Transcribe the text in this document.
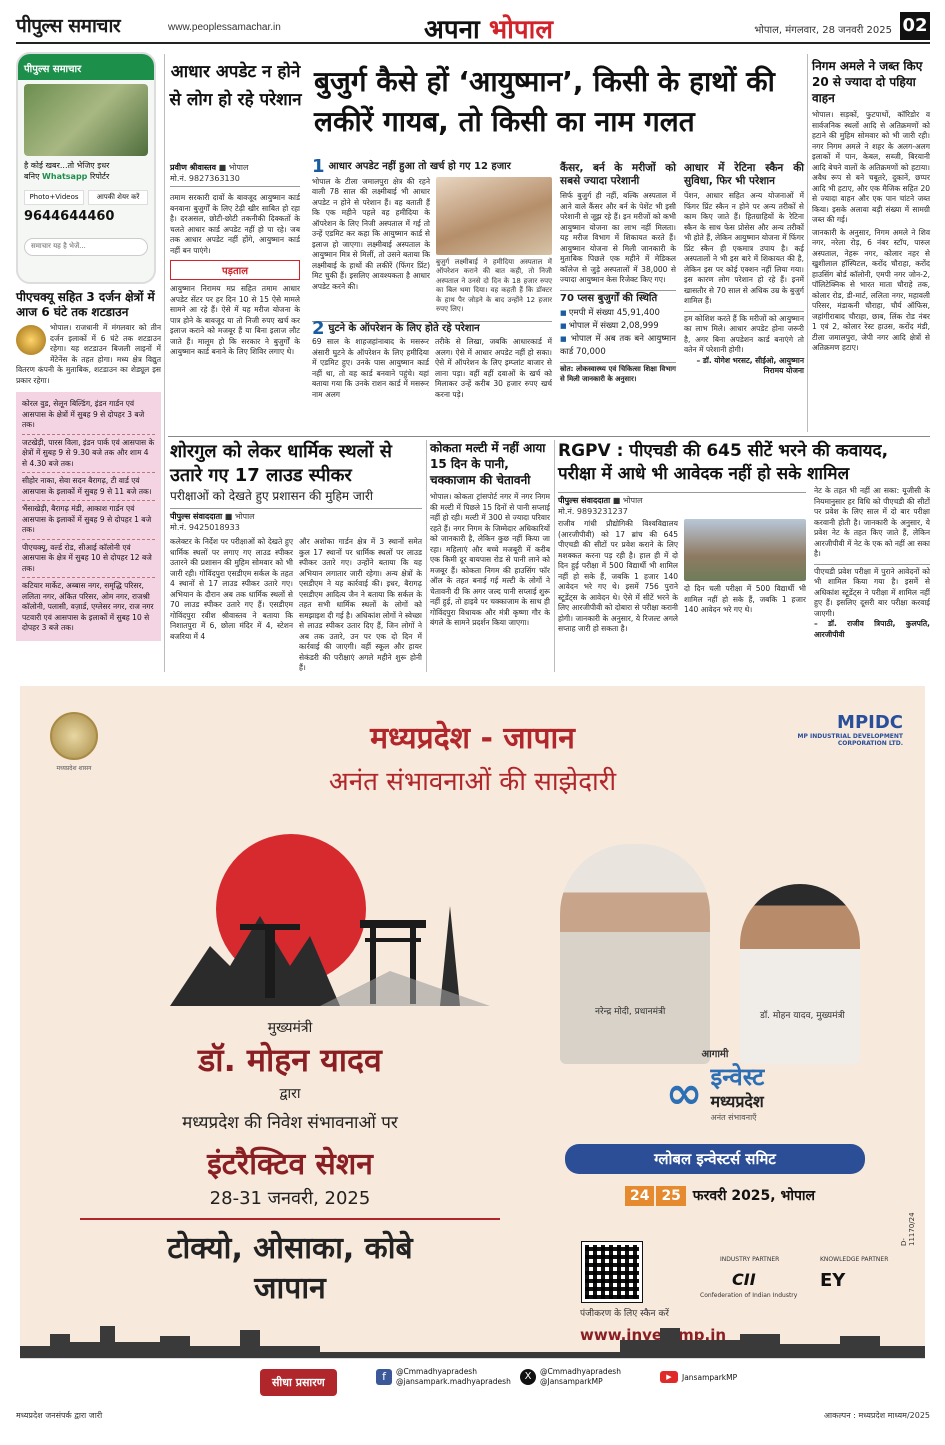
पीपुल्स समाचार	www.peoplessamachar.in	अपना भोपाल	भोपाल, मंगलवार, 28 जनवरी 2025 02
पीपुल्स समाचार
है कोई खबर...तो भेजिए इधर
बनिए Whatsapp रिपोर्टर
Photo+Videos	आपकी शेयर करें
9644644460
समाचार यह है भेजें...
पीएचक्यू सहित 3 दर्जन क्षेत्रों में आज 6 घंटे तक शटडाउन
भोपाल। राजधानी में मंगलवार को तीन दर्जन इलाकों में 6 घंटे तक शटडाउन रहेगा। यह शटडाउन बिजली लाइनों में मेंटेनेंस के तहत होगा। मध्य क्षेत्र विद्युत वितरण कंपनी के मुताबिक, शटडाउन का शेड्यूल इस प्रकार रहेगा।

कोरल वुड, सेलून बिल्डिंग, इंडन गार्डन एवं आसपास के क्षेत्रों में सुबह 9 से दोपहर 3 बजे तक।

जटखेड़ी, पारस विला, इंडन पार्क एवं आसपास के क्षेत्रों में सुबह 9 से 9.30 बजे तक और शाम 4 से 4.30 बजे तक।

सीहोर नाका, सेवा सदन बैरागढ़, टी वार्ड एवं आसपास के इलाकों में सुबह 9 से 11 बजे तक।

भैंसाखेड़ी, बैरागढ़ मंडी, आकाश गार्डन एवं आसपास के इलाकों में सुबह 9 से दोपहर 1 बजे तक।

पीएचक्यू, वर्ल्ड रोड, सीआई कॉलोनी एवं आसपास के क्षेत्र में सुबह 10 से दोपहर 12 बजे तक।

कटियार मार्केट, अब्बास नगर, समृद्धि परिसर, ललिता नगर, अंकित परिसर, ओम नगर, राजश्री कॉलोनी, पलासी, वज़ार्ड, एग्लेसर नगर, राज नगर पटवारी एवं आसपास के इलाकों में सुबह 10 से दोपहर 3 बजे तक।

आधार अपडेट न होने से लोग हो रहे परेशान
बुजुर्ग कैसे हों ‘आयुष्मान’, किसी के हाथों की लकीरें गायब, तो किसी का नाम गलत
प्रवीण श्रीवास्तव ■ भोपाल
मो.नं. 9827363130
तमाम सरकारी दावों के बावजूद आयुष्मान कार्ड बनवाना बुजुर्गों के लिए टेढ़ी खीर साबित हो रहा है। दरअसल, छोटी-छोटी तकनीकी दिक्कतों के चलते आधार कार्ड अपडेट नहीं हो पा रहे। जब तक आधार अपडेट नहीं होंगे, आयुष्मान कार्ड नहीं बन पाएंगे।
पड़ताल
आयुष्मान निरामय मप्र सहित तमाम आधार अपडेट सेंटर पर हर दिन 10 से 15 ऐसे मामले सामने आ रहे हैं। ऐसे में यह मरीज योजना के पात्र होने के बावजूद या तो निजी रुपए खर्च कर इलाज कराने को मजबूर हैं या बिना इलाज लौट जाते हैं। मालूम हो कि सरकार ने बुजुर्गों के आयुष्मान कार्ड बनाने के लिए शिविर लगाए थे।
1 आधार अपडेट नहीं हुआ तो खर्च हो गए 12 हजार
भोपाल के टीला जमालपुरा क्षेत्र की रहने वाली 78 साल की लक्ष्मीबाई भी आधार अपडेट न होने से परेशान हैं। वह बताती हैं कि एक महीने पहले वह हमीदिया के ऑपरेशन के लिए निजी अस्पताल में गई तो उन्हें एडमिट कर कहा कि आयुष्मान कार्ड से इलाज हो जाएगा। लक्ष्मीबाई अस्पताल के आयुष्मान मित्र से मिलीं, तो उसने बताया कि लक्ष्मीबाई के हाथों की लकीरें (फिंगर प्रिंट) मिट चुकी हैं। इसलिए आवश्यकता है आधार अपडेट करने की।
बुजुर्ग लक्ष्मीबाई ने हमीदिया अस्पताल में ऑपरेशन कराने की बात कही, तो निजी अस्पताल ने उनसे दो दिन के 18 हजार रुपए का बिल थमा दिया। वह कहती हैं कि डॉक्टर के हाथ पैर जोड़ने के बाद उन्होंने 12 हजार रुपए लिए।
2 घुटने के ऑपरेशन के लिए होते रहे परेशान
69 साल के शाहजहांनाबाद के मसरूर अंसारी घुटने के ऑपरेशन के लिए हमीदिया में एडमिट हुए। उनके पास आयुष्मान कार्ड नहीं था, तो वह कार्ड बनवाने पहुंचे। यहां बताया गया कि उनके राशन कार्ड में मसरूर नाम अलग
तरीके से लिखा, जबकि आधारकार्ड में अलग। ऐसे में आधार अपडेट नहीं हो सका। ऐसे में ऑपरेशन के लिए इम्प्लांट बाजार से लाना पड़ा। वहीं वहीं दवाओं के खर्च को मिलाकर उन्हें करीब 30 हजार रुपए खर्च करना पड़े।
कैंसर, बर्न के मरीजों को सबसे ज्यादा परेशानी
सिर्फ बुजुर्ग ही नहीं, बल्कि अस्पताल में आने वाले कैंसर और बर्न के पेशेंट भी इसी परेशानी से जूझ रहे हैं। इन मरीजों को कभी आयुष्मान योजना का लाभ नहीं मिलता। यह मरीज विभाग में शिकायत करते हैं। आयुष्मान योजना से मिली जानकारी के मुताबिक पिछले एक महीने में मेडिकल कॉलेज से जुड़े अस्पतालों में 38,000 से ज्यादा आयुष्मान केस रिजेक्ट किए गए।
70 प्लस बुजुर्गों की स्थिति
■ एमपी में संख्या 45,91,400
■ भोपाल में संख्या 2,08,999
■ भोपाल में अब तक बने आयुष्मान कार्ड 70,000
स्रोत: लोकस्वास्थ्य एवं चिकित्सा शिक्षा विभाग से मिली जानकारी के अनुसार।
आधार में रेटिना स्कैन की सुविधा, फिर भी परेशान
पेंशन, आधार सहित अन्य योजनाओं में फिंगर प्रिंट स्कैन न होने पर अन्य तरीकों से काम किए जाते हैं। हितग्राहियों के रेटिना स्कैन के साथ फेस प्रोसेस और अन्य तरीकों भी होते हैं, लेकिन आयुष्मान योजना में फिंगर प्रिंट स्कैन ही एकमात्र उपाय है। कई अस्पतालों ने भी इस बारे में शिकायत की है, लेकिन इस पर कोई एक्शन नहीं लिया गया। इस कारण लोग परेशान हो रहे हैं। इनमें खासतौर से 70 साल से अधिक उम्र के बुजुर्ग शामिल हैं।
हम कोशिश करते हैं कि मरीजों को आयुष्मान का लाभ मिले। आधार अपडेट होना जरूरी है, अगर बिना अपडेशन कार्ड बनाएंगे तो वतेन में परेशानी होगी।
– डॉ. योगेश भरसट, सीईओ, आयुष्मान निरामय योजना
निगम अमले ने जब्त किए 20 से ज्यादा दो पहिया वाहन
भोपाल। सड़कों, फुटपाथों, कॉरिडोर व सार्वजनिक स्थलों आदि से अतिक्रमणों को हटाने की मुहिम सोमवार को भी जारी रही। नगर निगम अमले ने शहर के अलग-अलग इलाकों में पान, केबल, सब्जी, बिरयानी आदि बेचने वालों के अतिक्रमणों को हटाया। अवैध रूप से बने चबूतरे, दुकानें, छप्पर आदि भी हटाए, और एक मैजिक सहित 20 से ज्यादा वाहन और एक पान चांटने जब्त किया। इसके अलावा बड़ी संख्या में सामग्री जब्त की गई।
जानकारी के अनुसार, निगम अमले ने शिव नगर, नरेला रोड़, 6 नंबर स्टॉप, पारुल अस्पताल, नेहरू नगर, कोलार नहर से खुशीलाल हॉस्पिटल, करोंद चौराहा, करोंद हाउसिंग बोर्ड कॉलोनी, एमपी नगर जोन-2, पॉलिटेक्निक से भारत माता चौराहे तक, कोलार रोड, डी-मार्ट, ललिता नगर, महावली परिसर, मंडाकनी चौराहा, चौर्य ऑफिस, जहांगीराबाद चौराहा, छाब, लिंक रोड नंबर 1 एवं 2, कोलार रेस्ट हाउस, करोंद मंडी, टीला जमालपुरा, जेपी नगर आदि क्षेत्रों से अतिक्रमण हटाए।
शोरगुल को लेकर धार्मिक स्थलों से उतारे गए 17 लाउड स्पीकर
परीक्षाओं को देखते हुए प्रशासन की मुहिम जारी
पीपुल्स संवाददाता ■ भोपाल
मो.नं. 9425018933
कलेक्टर के निर्देश पर परीक्षाओं को देखते हुए धार्मिक स्थलों पर लगाए गए लाउड स्पीकर उतारने की प्रशासन की मुहिम सोमवार को भी जारी रही। गोविंदपुरा एसडीएम सर्कल के तहत 4 स्थानों से 17 लाउड स्पीकर उतारे गए। अभियान के दौरान अब तक धार्मिक स्थलों से 70 लाउड स्पीकर उतारे गए हैं। एसडीएम गोविंदपुरा रवीश श्रीवास्तव ने बताया कि निशातपुरा में 6, छोला मंदिर में 4, स्टेशन बजरिया में 4
और अशोका गार्डन क्षेत्र में 3 स्थानों समेत कुल 17 स्थानों पर धार्मिक स्थलों पर लाउड स्पीकर उतारे गए। उन्होंने बताया कि यह अभियान लगातार जारी रहेगा। अन्य क्षेत्रों के एसडीएम ने यह कार्रवाई की। इधर, बैरागढ़ एसडीएम आदित्य जैन ने बताया कि सर्कल के तहत सभी धार्मिक स्थलों के लोगों को समझाइश दी गई है। अधिकांश लोगों ने स्वेच्छा से लाउड स्पीकर उतार दिए हैं, जिन लोगों ने अब तक उतारे, उन पर एक दो दिन में कार्रवाई की जाएगी। वहीं स्कूल और हायर सेकंडरी की परीक्षाएं अगले महीने शुरू होनी हैं।
कोकता मल्टी में नहीं आया 15 दिन के पानी, चक्काजाम की चेतावनी
भोपाल। कोकता ट्रांसपोर्ट नगर में नगर निगम की मल्टी में पिछले 15 दिनों से पानी सप्लाई नहीं हो रही। मल्टी में 300 से ज्यादा परिवार रहते हैं। नगर निगम के जिम्मेदार अधिकारियों को जानकारी है, लेकिन कुछ नहीं किया जा रहा। महिलाएं और बच्चे मजबूरी में करीब एक किमी दूर बायपास रोड से पानी लाने को मजबूर हैं। कोकता निगम की हाउसिंग फॉर ऑल के तहत बनाई गई मल्टी के लोगों ने चेतावनी दी कि अगर जल्द पानी सप्लाई शुरू नहीं हुई, तो हाइवे पर चक्काजाम के साथ ही गोविंदपुरा विधायक और मंत्री कृष्णा गौर के बंगले के सामने प्रदर्शन किया जाएगा।
RGPV : पीएचडी की 645 सीटें भरने की कवायद, परीक्षा में आधे भी आवेदक नहीं हो सके शामिल
पीपुल्स संवाददाता ■ भोपाल
मो.नं. 9893231237
राजीव गांधी प्रौद्योगिकी विश्वविद्यालय (आरजीपीवी) को 17 ब्रांच की 645 पीएचडी की सीटों पर प्रवेश कराने के लिए मशक्कत करना पड़ रही है। हाल ही में दो दिन हुई परीक्षा में 500 विद्यार्थी भी शामिल नहीं हो सके हैं, जबकि 1 हजार 140 आवेदन भरे गए थे। इसमें 756 पुराने स्टूडेंट्स के आवेदन थे। ऐसे में सीटें भरने के लिए आरजीपीवी को दोबारा से परीक्षा करानी होगी। जानकारी के अनुसार, ये रिजल्ट अगले सप्ताह जारी हो सकता है।
दो दिन चली परीक्षा में 500 विद्यार्थी भी शामिल नहीं हो सके हैं, जबकि 1 हजार 140 आवेदन भरे गए थे।
नेट के तहत भी नहीं आ सका: यूजीसी के नियमानुसार हर विधि को पीएचडी की सीटों पर प्रवेश के लिए साल में दो बार परीक्षा करवानी होती है। जानकारी के अनुसार, ये प्रवेश नेट के तहत किए जाते हैं, लेकिन आरजीपीवी में नेट के एक को नहीं आ सका है।
पीएचडी प्रवेश परीक्षा में पुराने आवेदनों को भी शामिल किया गया है। इसमें से अधिकांश स्टूडेंट्स ने परीक्षा में शामिल नहीं हुए हैं। इसलिए दूसरी बार परीक्षा करवाई जाएगी।
– डॉ. राजीव त्रिपाठी, कुलपति, आरजीपीवी
मध्यप्रदेश शासन
MPIDC
MP INDUSTRIAL DEVELOPMENT CORPORATION LTD.
मध्यप्रदेश - जापान
अनंत संभावनाओं की साझेदारी
मुख्यमंत्री
डॉ. मोहन यादव
द्वारा
मध्यप्रदेश की निवेश संभावनाओं पर
इंटरैक्टिव सेशन
28-31 जनवरी, 2025
टोक्यो, ओसाका, कोबे
जापान
नरेन्द्र मोदी, प्रधानमंत्री	डॉ. मोहन यादव, मुख्यमंत्री
आगामी
∞ इन्वेस्ट
मध्यप्रदेश
अनंत संभावनाएँ
ग्लोबल इन्वेस्टर्स समिट
24 25 फरवरी 2025, भोपाल
INDUSTRY PARTNER	KNOWLEDGE PARTNER
CII
Confederation of Indian Industry
EY
पंजीकरण के लिए स्कैन करें
www.investmp.in
D-11170/24
सीधा प्रसारण	f	@Cmmadhyapradesh
@jansampark.madhyapradesh	X	@Cmmadhyapradesh
@JansamparkMP	▶	JansamparkMP
मध्यप्रदेश जनसंपर्क द्वारा जारी	आकल्पन : मध्यप्रदेश माध्यम/2025
